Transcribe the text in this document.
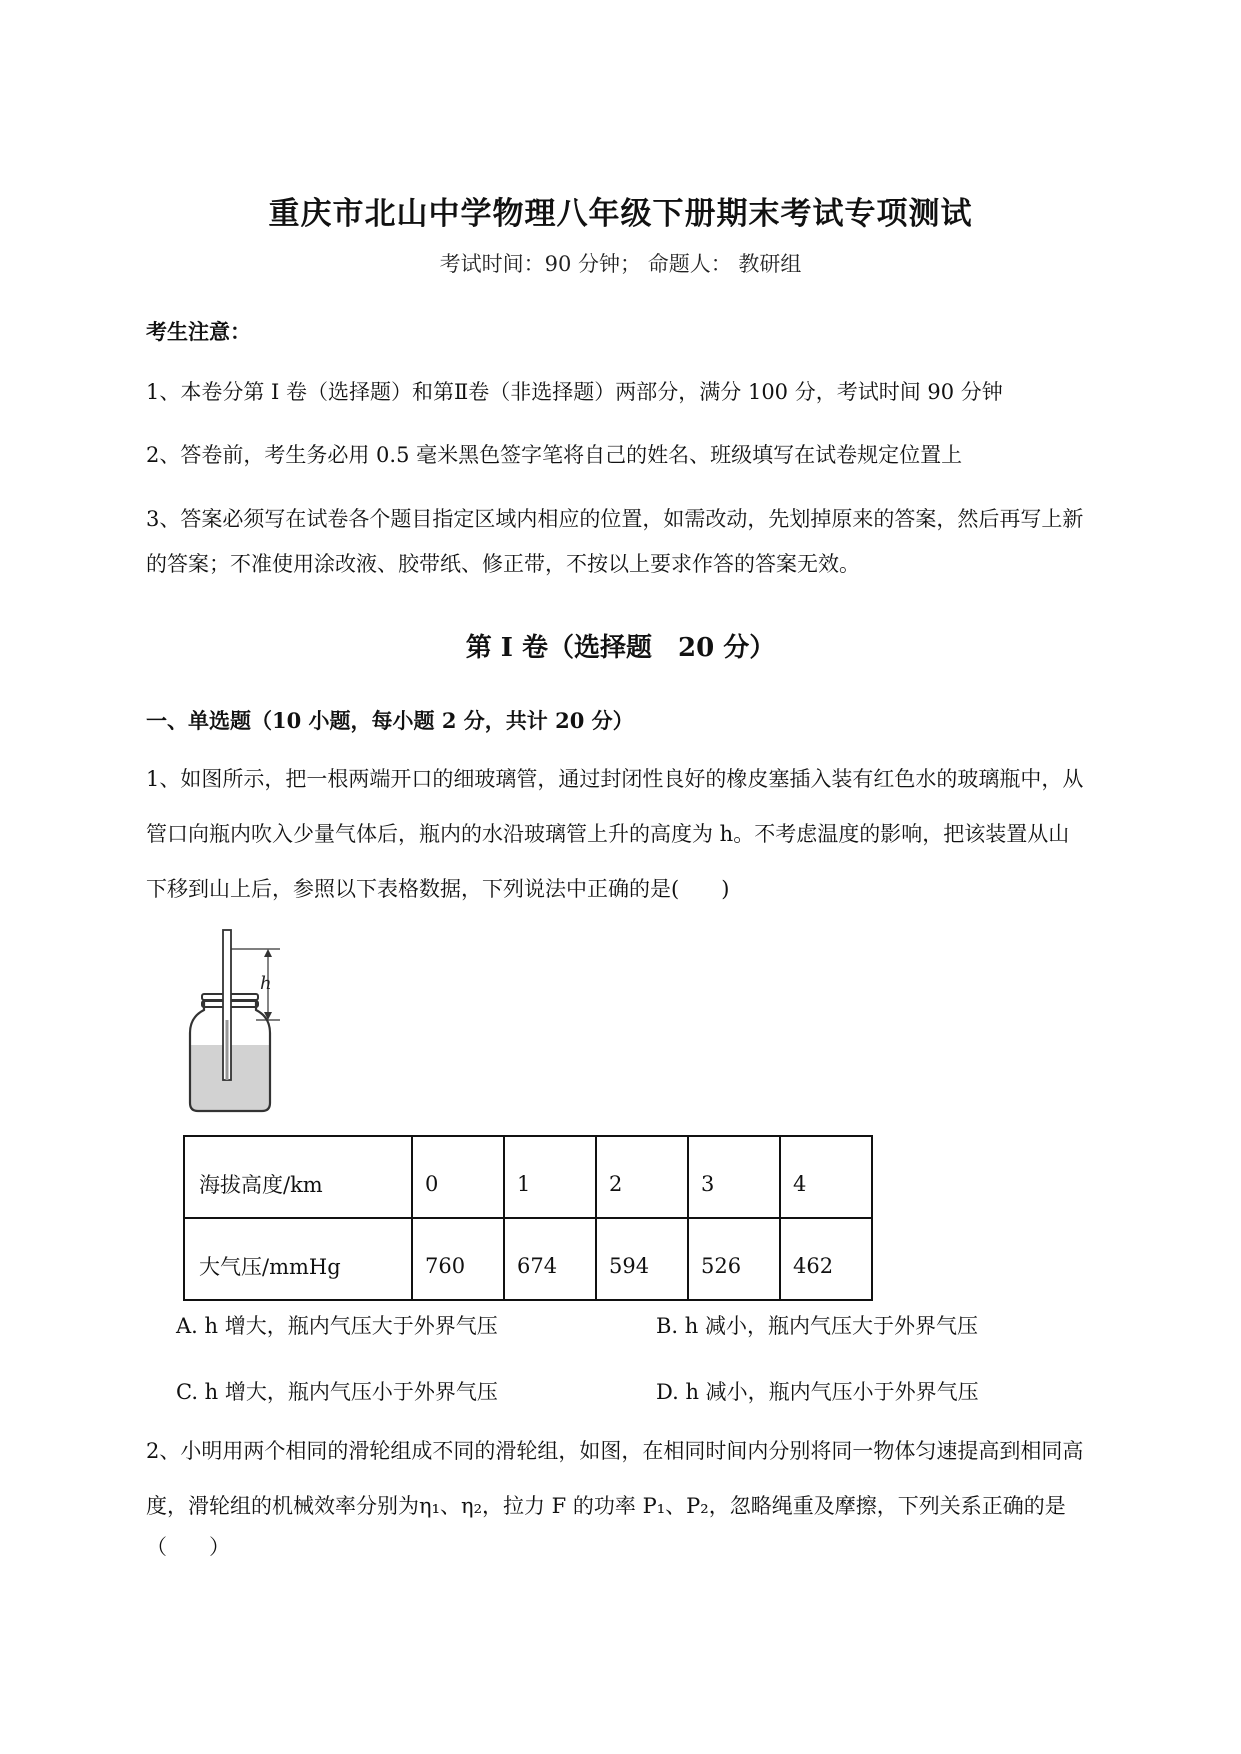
重庆市北山中学物理八年级下册期末考试专项测试
考试时间：90 分钟； 命题人： 教研组
考生注意：
1、本卷分第 I 卷（选择题）和第Ⅱ卷（非选择题）两部分，满分 100 分，考试时间 90 分钟
2、答卷前，考生务必用 0.5 毫米黑色签字笔将自己的姓名、班级填写在试卷规定位置上
3、答案必须写在试卷各个题目指定区域内相应的位置，如需改动，先划掉原来的答案，然后再写上新
的答案；不准使用涂改液、胶带纸、修正带，不按以上要求作答的答案无效。
第 I 卷（选择题　20 分）
一、单选题（10 小题，每小题 2 分，共计 20 分）

1、如图所示，把一根两端开口的细玻璃管，通过封闭性良好的橡皮塞插入装有红色水的玻璃瓶中，从

管口向瓶内吹入少量气体后，瓶内的水沿玻璃管上升的高度为 h。不考虑温度的影响，把该装置从山

下移到山上后，参照以下表格数据，下列说法中正确的是(　　)

h
海拔高度/km	0	1	2	3	4
大气压/mmHg	760	674	594	526	462
A. h 增大，瓶内气压大于外界气压	B. h 减小，瓶内气压大于外界气压
C. h 增大，瓶内气压小于外界气压	D. h 减小，瓶内气压小于外界气压

2、小明用两个相同的滑轮组成不同的滑轮组，如图，在相同时间内分别将同一物体匀速提高到相同高

度，滑轮组的机械效率分别为η₁、η₂，拉力 F 的功率 P₁、P₂，忽略绳重及摩擦，下列关系正确的是

（　　）
